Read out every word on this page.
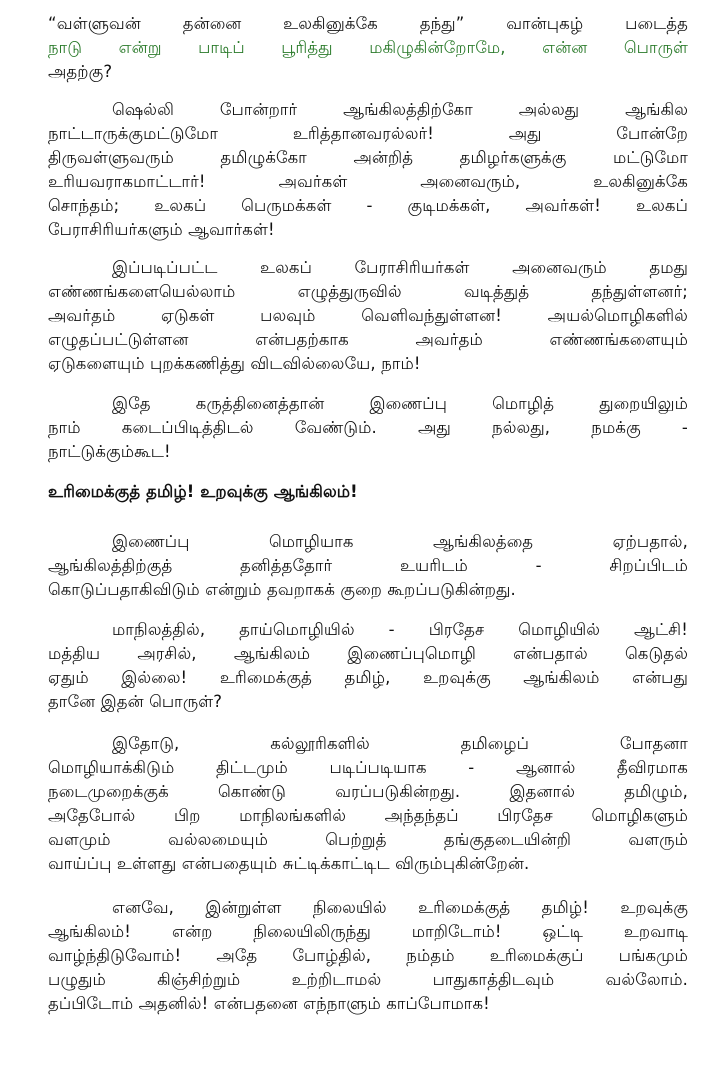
“வள்ளுவன் தன்னை உலகினுக்கே தந்து” வான்புகழ் படைத்த
நாடு என்று பாடிப் பூரித்து மகிழுகின்றோமே, என்ன பொருள்
அதற்கு?
ஷெல்லி போன்றார் ஆங்கிலத்திற்கோ அல்லது ஆங்கில
நாட்டாருக்குமட்டுமோ உரித்தானவரல்லர்! அது போன்றே
திருவள்ளுவரும் தமிழுக்கோ அன்றித் தமிழர்களுக்கு மட்டுமோ
உரியவராகமாட்டார்! அவர்கள் அனைவரும், உலகினுக்கே
சொந்தம்; உலகப் பெருமக்கள் - குடிமக்கள், அவர்கள்! உலகப்
பேராசிரியர்களும் ஆவார்கள்!
இப்படிப்பட்ட உலகப் பேராசிரியர்கள் அனைவரும் தமது
எண்ணங்களையெல்லாம் எழுத்துருவில் வடித்துத் தந்துள்ளனர்;
அவர்தம் ஏடுகள் பலவும் வெளிவந்துள்ளன! அயல்மொழிகளில்
எழுதப்பட்டுள்ளன என்பதற்காக அவர்தம் எண்ணங்களையும்
ஏடுகளையும் புறக்கணித்து விடவில்லையே, நாம்!
இதே கருத்தினைத்தான் இணைப்பு மொழித் துறையிலும்
நாம் கடைப்பிடித்திடல் வேண்டும். அது நல்லது, நமக்கு -
நாட்டுக்கும்கூட!
உரிமைக்குத் தமிழ்! உறவுக்கு ஆங்கிலம்!
இணைப்பு மொழியாக ஆங்கிலத்தை ஏற்பதால்,
ஆங்கிலத்திற்குத் தனித்ததோர் உயரிடம் - சிறப்பிடம்
கொடுப்பதாகிவிடும் என்றும் தவறாகக் குறை கூறப்படுகின்றது.
மாநிலத்தில், தாய்மொழியில் - பிரதேச மொழியில் ஆட்சி!
மத்திய அரசில், ஆங்கிலம் இணைப்புமொழி என்பதால் கெடுதல்
ஏதும் இல்லை! உரிமைக்குத் தமிழ், உறவுக்கு ஆங்கிலம் என்பது
தானே இதன் பொருள்?
இதோடு, கல்லூரிகளில் தமிழைப் போதனா
மொழியாக்கிடும் திட்டமும் படிப்படியாக - ஆனால் தீவிரமாக
நடைமுறைக்குக் கொண்டு வரப்படுகின்றது. இதனால் தமிழும்,
அதேபோல் பிற மாநிலங்களில் அந்தந்தப் பிரதேச மொழிகளும்
வளமும் வல்லமையும் பெற்றுத் தங்குதடையின்றி வளரும்
வாய்ப்பு உள்ளது என்பதையும் சுட்டிக்காட்டிட விரும்புகின்றேன்.
எனவே, இன்றுள்ள நிலையில் உரிமைக்குத் தமிழ்! உறவுக்கு
ஆங்கிலம்! என்ற நிலையிலிருந்து மாறிடோம்! ஒட்டி உறவாடி
வாழ்ந்திடுவோம்! அதே போழ்தில், நம்தம் உரிமைக்குப் பங்கமும்
பழுதும் கிஞ்சிற்றும் உற்றிடாமல் பாதுகாத்திடவும் வல்லோம்.
தப்பிடோம் அதனில்! என்பதனை எந்நாளும் காப்போமாக!
